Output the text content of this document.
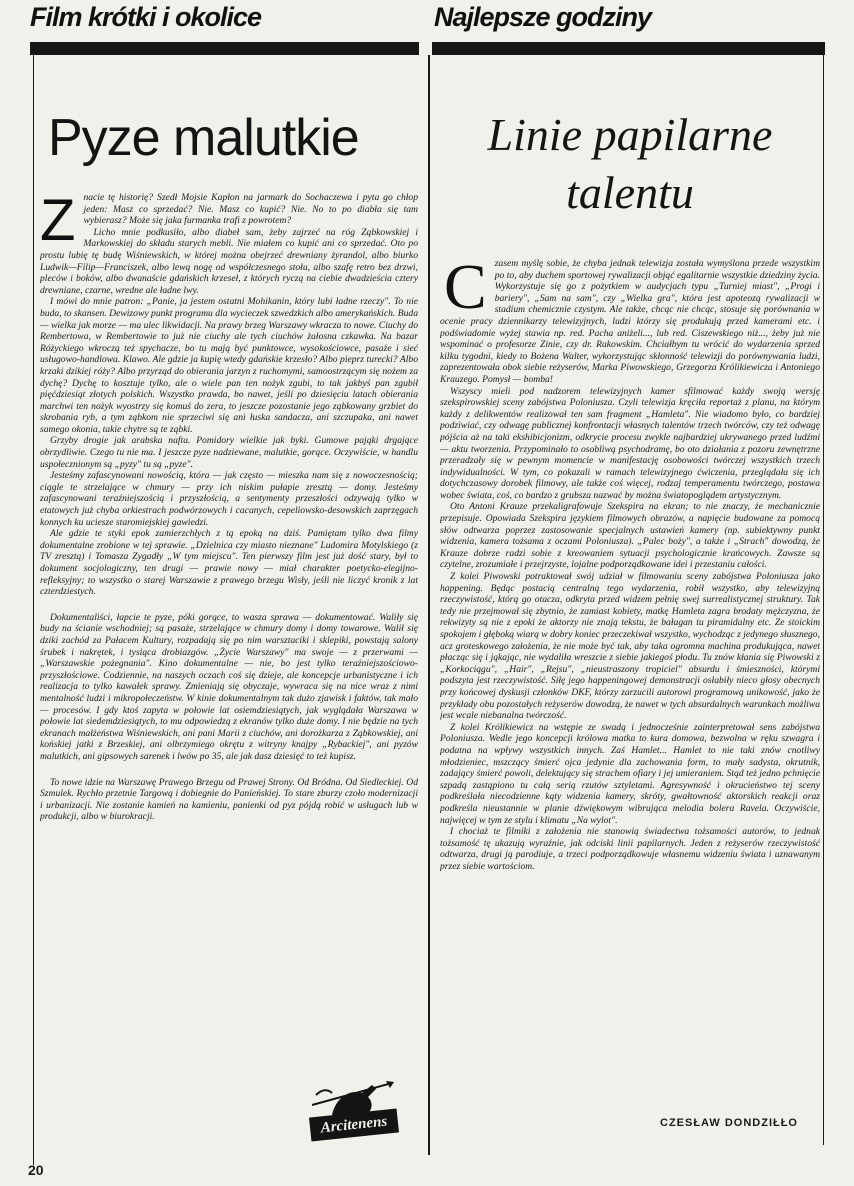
Film krótki i okolice	Najlepsze godziny
Pyze malutkie

Znacie tę historię? Szedł Mojsie Kapłon na jarmark do Sochaczewa i pyta go chłop jeden: Masz co sprzedać? Nie. Masz co kupić? Nie. No to po diabła się tam wybierasz? Może się jaka furmanka trafi z powrotem?

Licho mnie podkusiło, albo diabeł sam, żeby zajrzeć na róg Ząbkowskiej i Markowskiej do składu starych mebli. Nie miałem co kupić ani co sprzedać. Oto po prostu lubię tę budę Wiśniewskich, w której można obejrzeć drewniany żyrandol, albo biurko Ludwik—Filip—Franciszek, albo lewą nogę od współczesnego stołu, albo szafę retro bez drzwi, pleców i boków, albo dwanaście gdańskich krzeseł, z których ryczą na ciebie dwadzieścia cztery drewniane, czarne, wredne ale ładne lwy.

I mówi do mnie patron: „Panie, ja jestem ostatni Mohikanin, który lubi ładne rzeczy". To nie buda, to skansen. Dewizowy punkt programu dla wycieczek szwedzkich albo amerykańskich. Buda — wielka jak morze — ma ulec likwidacji. Na prawy brzeg Warszawy wkracza to nowe. Ciuchy do Rembertowa, w Rembertowie to już nie ciuchy ale tych ciuchów żałosna czkawka. Na bazar Różyckiego wkroczą też spychacze, bo tu mają być punktowce, wysokościowce, pasaże i sieć usługowo-handlowa. Klawo. Ale gdzie ja kupię wtedy gdańskie krzesło? Albo pieprz turecki? Albo krzaki dzikiej róży? Albo przyrząd do obierania jarzyn z ruchomymi, samoostrzącym się nożem za dychę? Dychę to kosztuje tylko, ale o wiele pan ten nożyk zgubi, to tak jakbyś pan zgubił pięćdziesiąt złotych polskich. Wszystko prawda, bo nawet, jeśli po dziesięciu latach obierania marchwi ten nożyk wyostrzy się komuś do zera, to jeszcze pozostanie jego ząbkowany grzbiet do skrobania ryb, a tym ząbkom nie sprzeciwi się ani łuska sandacza, ani szczupaka, ani nawet samego okonia, takie chytre są te ząbki.

Grzyby drogie jak arabska nafta. Pomidory wielkie jak byki. Gumowe pająki drgające obrzydliwie. Czego tu nie ma. I jeszcze pyze nadziewane, malutkie, gorące. Oczywiście, w handlu uspołecznionym są „pyzy" tu są „pyze".

Jesteśmy zafascynowani nowością, która — jak często — mieszka nam się z nowoczesnością; ciągle te strzelające w chmury — przy ich niskim pułapie zresztą — domy. Jesteśmy zafascynowani teraźniejszością i przyszłością, a sentymenty przeszłości odzywają tylko w etatowych już chyba orkiestrach podwórzowych i cacanych, cepeliowsko-desowskich zaprzęgach konnych ku uciesze staromiejskiej gawiedzi.

Ale gdzie te styki epok zamierzchłych z tą epoką na dziś. Pamiętam tylko dwa filmy dokumentalne zrobione w tej sprawie. „Dzielnica czy miasto nieznane" Ludomira Motylskiego (z TV zresztą) i Tomasza Zygadły „W tym miejscu". Ten pierwszy film jest już dość stary, był to dokument socjologiczny, ten drugi — prawie nowy — miał charakter poetycko-elegijno-refleksyjny; to wszystko o starej Warszawie z prawego brzegu Wisły, jeśli nie liczyć kronik z lat czterdziestych.

Dokumentaliści, łapcie te pyze, póki gorące, to wasza sprawa — dokumentować. Waliły się budy na ścianie wschodniej; są pasaże, strzelające w chmury domy i domy towarowe. Walił się dziki zachód za Pałacem Kultury, rozpadają się po nim warsztaciki i sklepiki, powstają salony śrubek i nakrętek, i tysiąca drobiazgów. „Życie Warszawy" ma swoje — z przerwami — „Warszawskie pożegnania". Kino dokumentalne — nie, bo jest tylko teraźniejszościowo-przyszłościowe. Codziennie, na naszych oczach coś się dzieje, ale koncepcje urbanistyczne i ich realizacja to tylko kawałek sprawy. Zmieniają się obyczaje, wywraca się na nice wraz z nimi mentalność ludzi i mikropołeczeństw. W kinie dokumentalnym tak dużo zjawisk i faktów, tak mało — procesów. I gdy ktoś zapyta w połowie lat osiemdziesiątych, jak wyglądała Warszawa w połowie lat siedemdziesiątych, to mu odpowiedzą z ekranów tylko duże domy. I nie będzie na tych ekranach małżeństwa Wiśniewskich, ani pani Marii z ciuchów, ani dorożkarza z Ząbkowskiej, ani końskiej jatki z Brzeskiej, ani olbrzymiego okrętu z witryny knajpy „Rybackiej", ani pyzów malutkich, ani gipsowych sarenek i lwów po 35, ale jak dasz dziesięć to też kupisz.

To nowe idzie na Warszawę Prawego Brzegu od Prawej Strony. Od Bródna. Od Siedleckiej. Od Szmulek. Rychło przetnie Targową i dobiegnie do Panieńskiej. To stare zburzy czoło modernizacji i urbanizacji. Nie zostanie kamień na kamieniu, panienki od pyz pójdą robić w usługach lub w produkcji, albo w biurokracji.

Arcitenens
Linie papilarne
talentu

Czasem myślę sobie, że chyba jednak telewizja została wymyślona przede wszystkim po to, aby duchem sportowej rywalizacji objąć egalitarnie wszystkie dziedziny życia. Wykorzystuje się go z pożytkiem w audycjach typu „Turniej miast", „Progi i bariery", „Sam na sam", czy „Wielka gra", która jest apoteozą rywalizacji w stadium chemicznie czystym. Ale także, chcąc nie chcąc, stosuje się porównania w ocenie pracy dziennikarzy telewizyjnych, ludzi którzy się produkują przed kamerami etc. i podświadomie wyżej stawia np. red. Pacha aniżeli..., lub red. Ciszewskiego niż..., żeby już nie wspominać o profesorze Zinie, czy dr. Rakowskim. Chciałbym tu wrócić do wydarzenia sprzed kilku tygodni, kiedy to Bożena Walter, wykorzystując skłonność telewizji do porównywania ludzi, zaprezentowała obok siebie reżyserów, Marka Piwowskiego, Grzegorza Królikiewicza i Antoniego Krauzego. Pomysł — bomba!

Wszyscy mieli pod nadzorem telewizyjnych kamer sfilmować każdy swoją wersję szekspirowskiej sceny zabójstwa Poloniusza. Czyli telewizja kręciła reportaż z planu, na którym każdy z delikwentów realizował ten sam fragment „Hamleta". Nie wiadomo było, co bardziej podziwiać, czy odwagę publicznej konfrontacji własnych talentów trzech twórców, czy też odwagę pójścia aż na taki ekshibicjonizm, odkrycie procesu zwykle najbardziej ukrywanego przed ludźmi — aktu tworzenia. Przypominało to osobliwą psychodramę, bo oto działania z pozoru zewnętrzne przeradzały się w pewnym momencie w manifestację osobowości twórczej wszystkich trzech indywidualności. W tym, co pokazali w ramach telewizyjnego ćwiczenia, przeglądała się ich dotychczasowy dorobek filmowy, ale także coś więcej, rodzaj temperamentu twórczego, postawa wobec świata, coś, co bardzo z grubsza nazwać by można światopoglądem artystycznym.

Oto Antoni Krauze przekaligrafowuje Szekspira na ekran; to nie znaczy, że mechanicznie przepisuje. Opowiada Szekspira językiem filmowych obrazów, a napięcie budowane za pomocą słów odtwarza poprzez zastosowanie specjalnych ustawień kamery (np. subiektywny punkt widzenia, kamera tożsama z oczami Poloniusza). „Palec boży", a także i „Strach" dowodzą, że Krauze dobrze radzi sobie z kreowaniem sytuacji psychologicznie krańcowych. Zawsze są czytelne, zrozumiałe i przejrzyste, lojalne podporządkowane idei i przestaniu całości.

Z kolei Piwowski potraktował swój udział w filmowaniu sceny zabójstwa Poloniusza jako happening. Będąc postacią centralną tego wydarzenia, robił wszystko, aby telewizyjną rzeczywistość, którą go otacza, odkryta przed widzem pełnię swej surrealistycznej struktury. Tak tedy nie przejmował się zbytnio, że zamiast kobiety, matkę Hamleta zagra brodaty mężczyzna, że rekwizyty są nie z epoki że aktorzy nie znają tekstu, że bałagan tu piramidalny etc. Ze stoickim spokojem i głęboką wiarą w dobry koniec przeczekiwał wszystko, wychodząc z jedynego słusznego, acz groteskowego założenia, że nie może być tak, aby taka ogromna machina produkująca, nawet płacząc się i jąkając, nie wydaliła wreszcie z siebie jakiegoś płodu. Tu znów kłania się Piwowski z „Korkociągu", „Hair", „Rejsu", „nieustraszony tropiciel" absurdu i śmieszności, którymi podszyta jest rzeczywistość. Siłę jego happeningowej demonstracji osłabiły nieco głosy obecnych przy końcowej dyskusji członków DKF, którzy zarzucili autorowi programową unikowość, jako że przykłady obu pozostałych reżyserów dowodzą, że nawet w tych absurdalnych warunkach możliwa jest wcale niebanalna twórczość.

Z kolei Królikiewicz na wstępie ze swadą i jednocześnie zainterpretował sens zabójstwa Poloniusza. Wedle jego koncepcji królowa matka to kura domowa, bezwolna w ręku szwagra i podatna na wpływy wszystkich innych. Zaś Hamlet... Hamlet to nie taki znów cnotliwy młodzieniec, mszczący śmierć ojca jedynie dla zachowania form, to mały sadysta, okrutnik, zadający śmierć powoli, delektujący się strachem ofiary i jej umieraniem. Stąd też jedno pchnięcie szpadą zastąpiono tu całą serią rzutów sztyletami. Agresywność i okrucieństwo tej sceny podkreślała niecodzienne kąty widzenia kamery, skróty, gwałtowność aktorskich reakcji oraz podkreśla nieustannie w planie dźwiękowym wibrująca melodia bolera Ravela. Oczywiście, najwięcej w tym ze stylu i klimatu „Na wylot".

I chociaż te filmiki z założenia nie stanowią świadectwa tożsamości autorów, to jednak tożsamość tę ukazują wyraźnie, jak odciski linii papilarnych. Jeden z reżyserów rzeczywistość odtwarza, drugi ją parodiuje, a trzeci podporządkowuje własnemu widzeniu świata i uznawanym przez siebie wartościom.

CZESŁAW DONDZIŁŁO
20
